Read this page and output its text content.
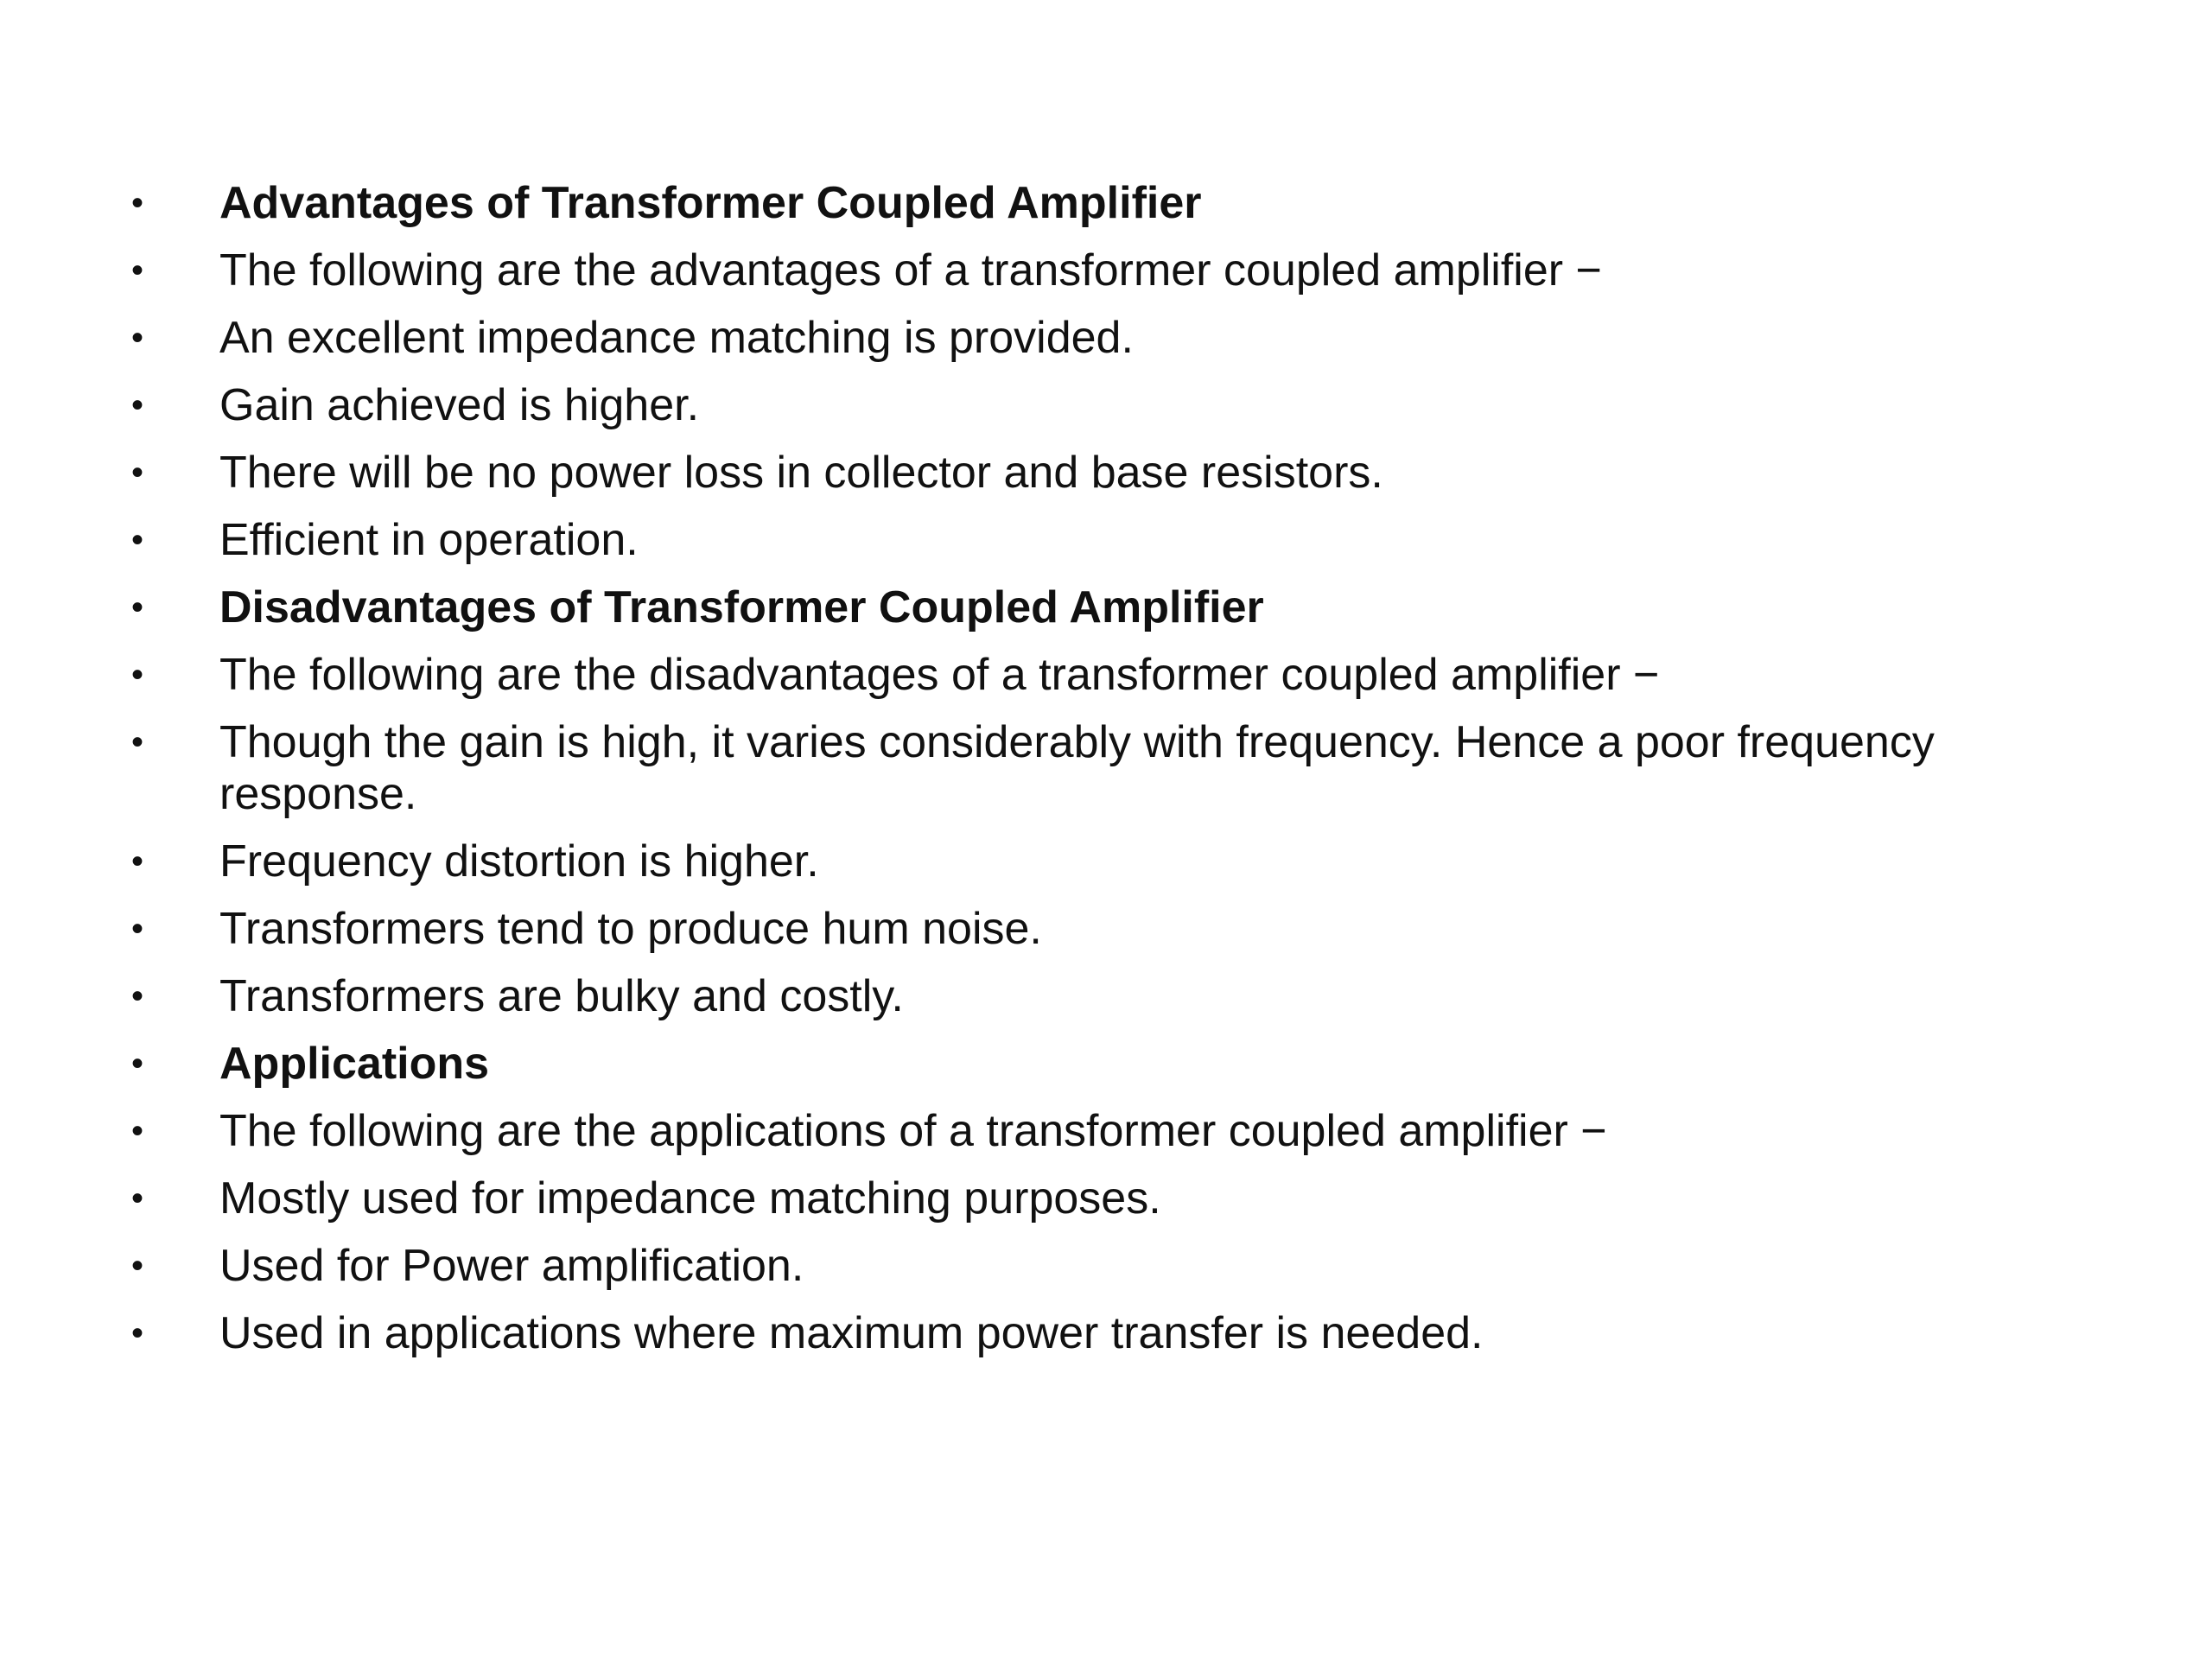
• Advantages of Transformer Coupled Amplifier
• The following are the advantages of a transformer coupled amplifier −
• An excellent impedance matching is provided.
• Gain achieved is higher.
• There will be no power loss in collector and base resistors.
• Efficient in operation.
• Disadvantages of Transformer Coupled Amplifier
• The following are the disadvantages of a transformer coupled amplifier −
• Though the gain is high, it varies considerably with frequency. Hence a poor frequency response.
• Frequency distortion is higher.
• Transformers tend to produce hum noise.
• Transformers are bulky and costly.
• Applications
• The following are the applications of a transformer coupled amplifier −
• Mostly used for impedance matching purposes.
• Used for Power amplification.
• Used in applications where maximum power transfer is needed.
